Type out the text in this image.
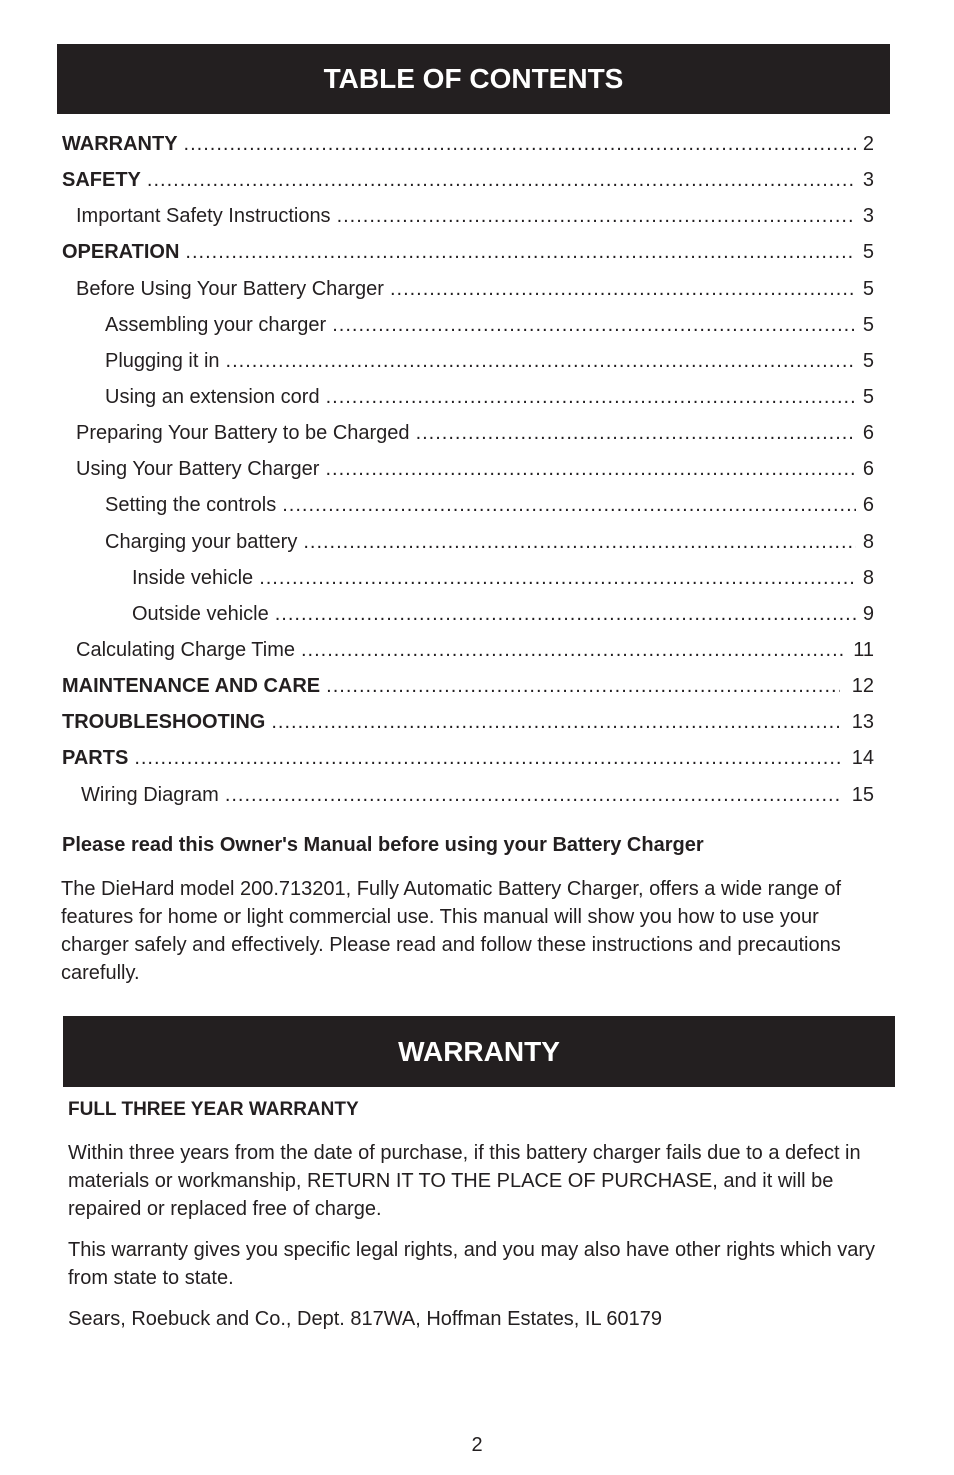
TABLE OF CONTENTS
WARRANTY .....	2
SAFETY .....	3
Important Safety Instructions .....	3
OPERATION .....	5
Before Using Your Battery Charger .....	5
Assembling your charger .....	5
Plugging it in .....	5
Using an extension cord .....	5
Preparing Your Battery to be Charged .....	6
Using Your Battery Charger .....	6
Setting the controls .....	6
Charging your battery .....	8
Inside vehicle .....	8
Outside vehicle .....	9
Calculating Charge Time .....	11
MAINTENANCE AND CARE .....	12
TROUBLESHOOTING .....	13
PARTS .....	14
Wiring Diagram .....	15
Please read this Owner's Manual before using your Battery Charger
The DieHard model 200.713201, Fully Automatic Battery Charger, offers a wide range of features for home or light commercial use. This manual will show you how to use your charger safely and effectively. Please read and follow these instructions and precautions carefully.
WARRANTY
FULL THREE YEAR WARRANTY
Within three years from the date of purchase, if this battery charger fails due to a defect in materials or workmanship, RETURN IT TO THE PLACE OF PURCHASE, and it will be repaired or replaced free of charge.
This warranty gives you specific legal rights, and you may also have other rights which vary from state to state.
Sears, Roebuck and Co., Dept. 817WA, Hoffman Estates, IL 60179
2
